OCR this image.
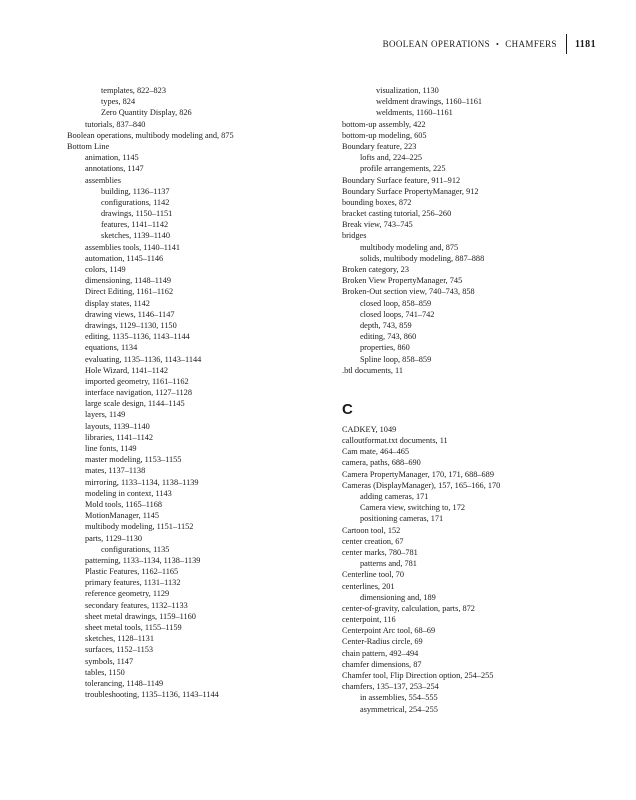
BOOLEAN OPERATIONS • CHAMFERS 1181
templates, 822–823
types, 824
Zero Quantity Display, 826
tutorials, 837–840
Boolean operations, multibody modeling and, 875
Bottom Line
animation, 1145
annotations, 1147
assemblies
building, 1136–1137
configurations, 1142
drawings, 1150–1151
features, 1141–1142
sketches, 1139–1140
assemblies tools, 1140–1141
automation, 1145–1146
colors, 1149
dimensioning, 1148–1149
Direct Editing, 1161–1162
display states, 1142
drawing views, 1146–1147
drawings, 1129–1130, 1150
editing, 1135–1136, 1143–1144
equations, 1134
evaluating, 1135–1136, 1143–1144
Hole Wizard, 1141–1142
imported geometry, 1161–1162
interface navigation, 1127–1128
large scale design, 1144–1145
layers, 1149
layouts, 1139–1140
libraries, 1141–1142
line fonts, 1149
master modeling, 1153–1155
mates, 1137–1138
mirroring, 1133–1134, 1138–1139
modeling in context, 1143
Mold tools, 1165–1168
MotionManager, 1145
multibody modeling, 1151–1152
parts, 1129–1130
configurations, 1135
patterning, 1133–1134, 1138–1139
Plastic Features, 1162–1165
primary features, 1131–1132
reference geometry, 1129
secondary features, 1132–1133
sheet metal drawings, 1159–1160
sheet metal tools, 1155–1159
sketches, 1128–1131
surfaces, 1152–1153
symbols, 1147
tables, 1150
tolerancing, 1148–1149
troubleshooting, 1135–1136, 1143–1144
visualization, 1130
weldment drawings, 1160–1161
weldments, 1160–1161
bottom-up assembly, 422
bottom-up modeling, 605
Boundary feature, 223
lofts and, 224–225
profile arrangements, 225
Boundary Surface feature, 911–912
Boundary Surface PropertyManager, 912
bounding boxes, 872
bracket casting tutorial, 256–260
Break view, 743–745
bridges
multibody modeling and, 875
solids, multibody modeling, 887–888
Broken category, 23
Broken View PropertyManager, 745
Broken-Out section view, 740–743, 858
closed loop, 858–859
closed loops, 741–742
depth, 743, 859
editing, 743, 860
properties, 860
Spline loop, 858–859
.btl documents, 11
C
CADKEY, 1049
calloutformat.txt documents, 11
Cam mate, 464–465
camera, paths, 688–690
Camera PropertyManager, 170, 171, 688–689
Cameras (DisplayManager), 157, 165–166, 170
adding cameras, 171
Camera view, switching to, 172
positioning cameras, 171
Cartoon tool, 152
center creation, 67
center marks, 780–781
patterns and, 781
Centerline tool, 70
centerlines, 201
dimensioning and, 189
center-of-gravity, calculation, parts, 872
centerpoint, 116
Centerpoint Arc tool, 68–69
Center-Radius circle, 69
chain pattern, 492–494
chamfer dimensions, 87
Chamfer tool, Flip Direction option, 254–255
chamfers, 135–137, 253–254
in assemblies, 554–555
asymmetrical, 254–255
